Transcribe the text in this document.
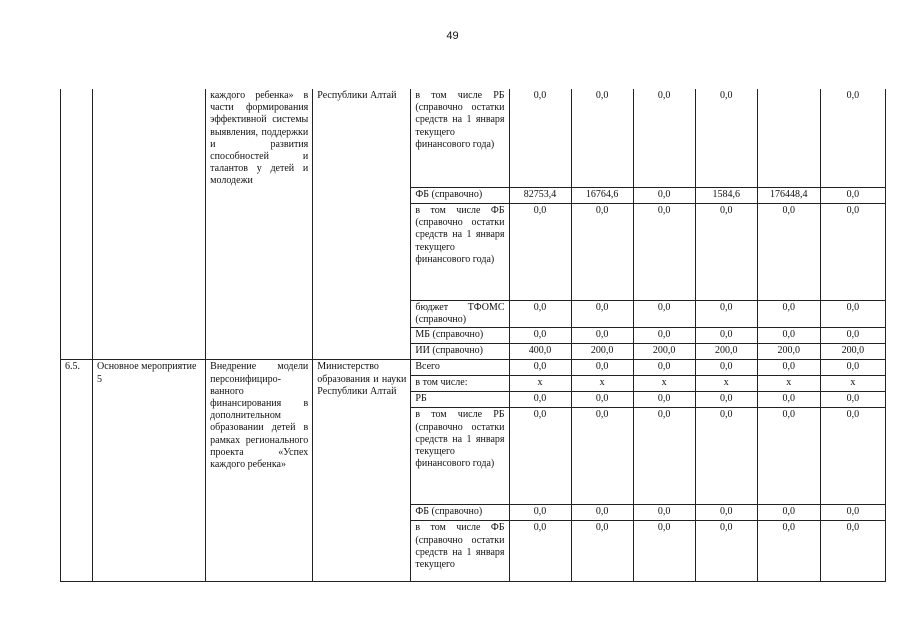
49
		каждого ребенка» в части формирования эффективной системы выявления, поддержки и развития способностей и талантов у детей и молодежи	Республики Алтай	в том числе РБ (справочно остатки средств на 1 января текущего финансового года)	0,0	0,0	0,0	0,0		0,0
				ФБ (справочно)	82753,4	16764,6	0,0	1584,6	176448,4	0,0
				в том числе ФБ (справочно остатки средств на 1 января текущего финансового года)	0,0	0,0	0,0	0,0	0,0	0,0
				бюджет ТФОМС (справочно)	0,0	0,0	0,0	0,0	0,0	0,0
				МБ (справочно)	0,0	0,0	0,0	0,0	0,0	0,0
				ИИ (справочно)	400,0	200,0	200,0	200,0	200,0	200,0
6.5.	Основное мероприятие 5	Внедрение модели персонифициро-ванного финансирования в дополнительном образовании детей в рамках регионального проекта «Успех каждого ребенка»	Министерство образования и науки Республики Алтай	Всего	0,0	0,0	0,0	0,0	0,0	0,0
				в том числе:	х	х	х	х	х	х
				РБ	0,0	0,0	0,0	0,0	0,0	0,0
				в том числе РБ (справочно остатки средств на 1 января текущего финансового года)	0,0	0,0	0,0	0,0	0,0	0,0
				ФБ (справочно)	0,0	0,0	0,0	0,0	0,0	0,0
				в том числе ФБ (справочно остатки средств на 1 января текущего	0,0	0,0	0,0	0,0	0,0	0,0
